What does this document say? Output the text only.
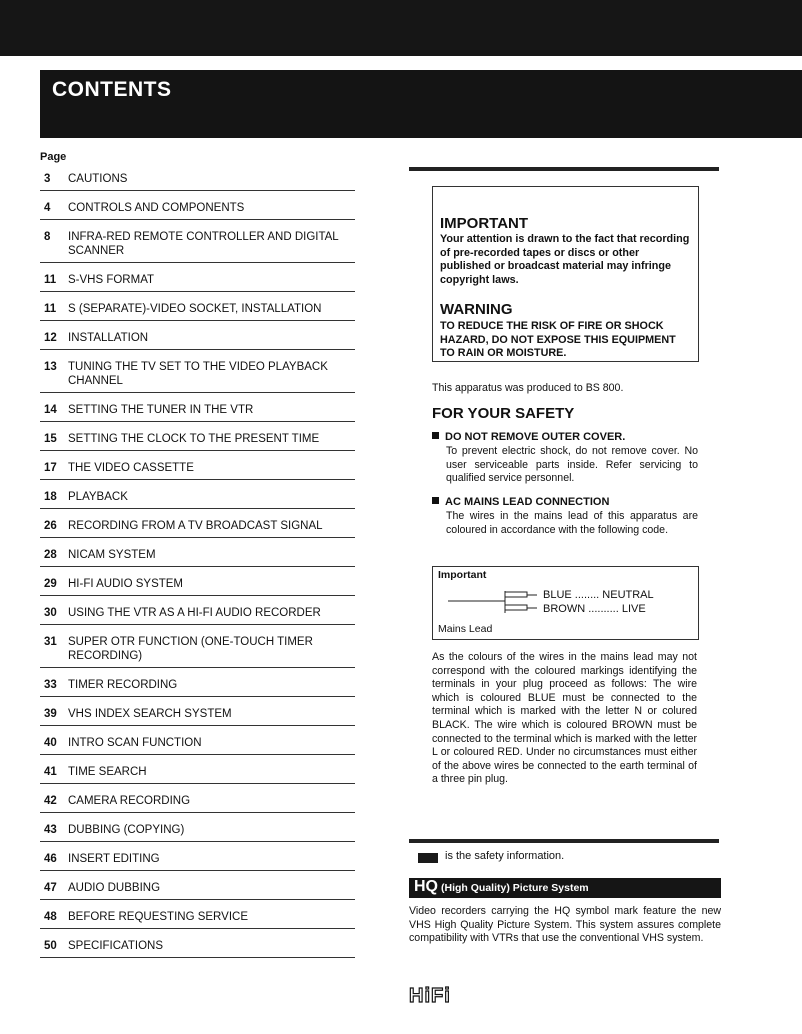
CONTENTS
Page
3	CAUTIONS
4	CONTROLS AND COMPONENTS
8	INFRA-RED REMOTE CONTROLLER AND DIGITAL SCANNER
11	S-VHS FORMAT
11	S (SEPARATE)-VIDEO SOCKET, INSTALLATION
12 INSTALLATION
13 TUNING THE TV SET TO THE VIDEO PLAYBACK CHANNEL
14 SETTING THE TUNER IN THE VTR
15 SETTING THE CLOCK TO THE PRESENT TIME
17 THE VIDEO CASSETTE
18 PLAYBACK
26 RECORDING FROM A TV BROADCAST SIGNAL
28 NICAM SYSTEM
29 HI-FI AUDIO SYSTEM
30 USING THE VTR AS A HI-FI AUDIO RECORDER
31 SUPER OTR FUNCTION (ONE-TOUCH TIMER RECORDING)
33 TIMER RECORDING
39 VHS INDEX SEARCH SYSTEM
40 INTRO SCAN FUNCTION
41 TIME SEARCH
42 CAMERA RECORDING
43 DUBBING (COPYING)
46 INSERT EDITING
47 AUDIO DUBBING
48 BEFORE REQUESTING SERVICE
50 SPECIFICATIONS
IMPORTANT

Your attention is drawn to the fact that recording of pre-recorded tapes or discs or other published or broadcast material may infringe copyright laws.

WARNING

TO REDUCE THE RISK OF FIRE OR SHOCK HAZARD, DO NOT EXPOSE THIS EQUIPMENT TO RAIN OR MOISTURE.

This apparatus was produced to BS 800.
FOR YOUR SAFETY
DO NOT REMOVE OUTER COVER.
To prevent electric shock, do not remove cover. No user serviceable parts inside. Refer servicing to qualified service personnel.
AC MAINS LEAD CONNECTION
The wires in the mains lead of this apparatus are coloured in accordance with the following code.
Important
BLUE ........ NEUTRAL
BROWN .......... LIVE
Mains Lead
As the colours of the wires in the mains lead may not correspond with the coloured markings identifying the terminals in your plug proceed as follows: The wire which is coloured BLUE must be connected to the terminal which is marked with the letter N or colured BLACK. The wire which is coloured BROWN must be connected to the terminal which is marked with the letter L or coloured RED. Under no circumstances must either of the above wires be connected to the earth terminal of a three pin plug.
is the safety information.
HQ (High Quality) Picture System
Video recorders carrying the HQ symbol mark feature the new VHS High Quality Picture System. This system assures complete compatibility with VTRs that use the conventional VHS system.
HiFi
